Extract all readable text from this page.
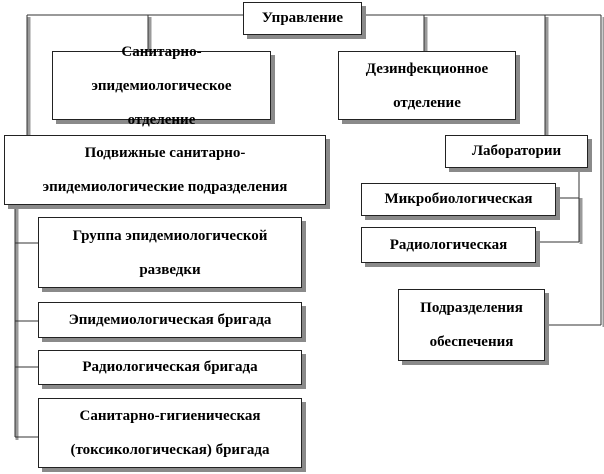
Управление
Санитарно-эпидемиологическое отделение
Дезинфекционное отделение
Подвижные санитарно-эпидемиологические подразделения
Лаборатории
Микробиологическая
Радиологическая
Группа эпидемиологической разведки
Эпидемиологическая бригада
Радиологическая бригада
Санитарно-гигиеническая (токсикологическая) бригада
Подразделения обеспечения
